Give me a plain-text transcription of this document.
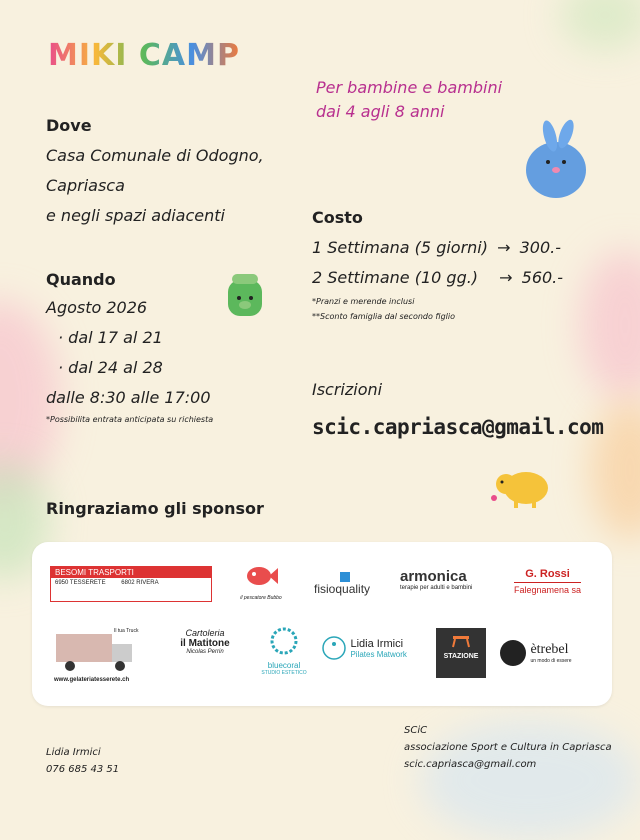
MIKI CAMP
Per bambine e bambini
dai 4 agli 8 anni
Dove
Casa Comunale di Odogno,
Capriasca
e negli spazi adiacenti
Quando
Agosto 2026
· dal 17 al 21
· dal 24 al 28
dalle 8:30 alle 17:00
*Possibilita entrata anticipata su richiesta
Costo
1 Settimana (5 giorni) → 300.-
2 Settimane (10 gg.) → 560.-
*Pranzi e merende inclusi
**Sconto famiglia dal secondo figlio
Iscrizioni
scic.capriasca@gmail.com
Ringraziamo gli sponsor
BESOMI TRASPORTI
6950 TESSERETE	6802 RIVERA
il pescatore Bubbo
fisioquality
armonica
terapie per adulti e bambini
G. Rossi
Falegnamena sa
Il tua Truck
www.gelateriatesserete.ch
Cartoleria
il Matitone
Nicolas Perrin
bluecoral
STUDIO ESTETICO

Lidia Irmici
Pilates Matwork	STAZIONE
	ètrebel
un modo di essere
Lidia Irmici
076 685 43 51
SCiC
associazione Sport e Cultura in Capriasca
scic.capriasca@gmail.com
